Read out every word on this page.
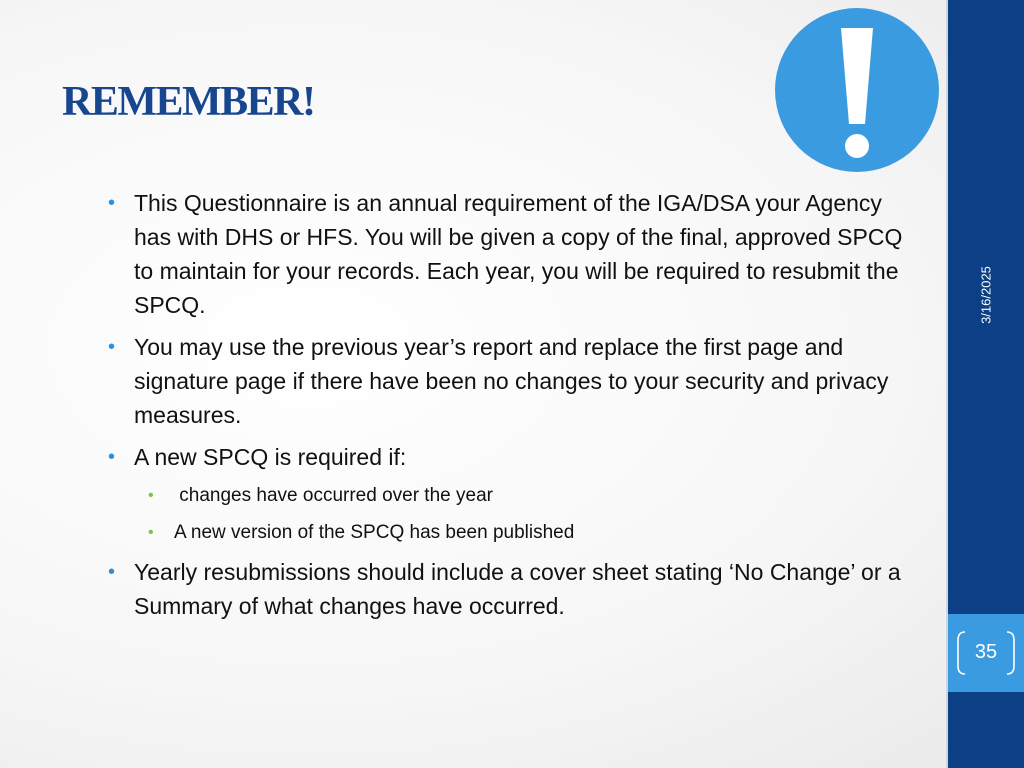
3/16/2025
35
REMEMBER!
• This Questionnaire is an annual requirement of the IGA/DSA your Agency has with DHS or HFS. You will be given a copy of the final, approved SPCQ to maintain for your records. Each year, you will be required to resubmit the SPCQ.
• You may use the previous year’s report and replace the first page and signature page if there have been no changes to your security and privacy measures.
• A new SPCQ is required if:
• changes have occurred over the year
• A new version of the SPCQ has been published
• Yearly resubmissions should include a cover sheet stating ‘No Change’ or a Summary of what changes have occurred.
